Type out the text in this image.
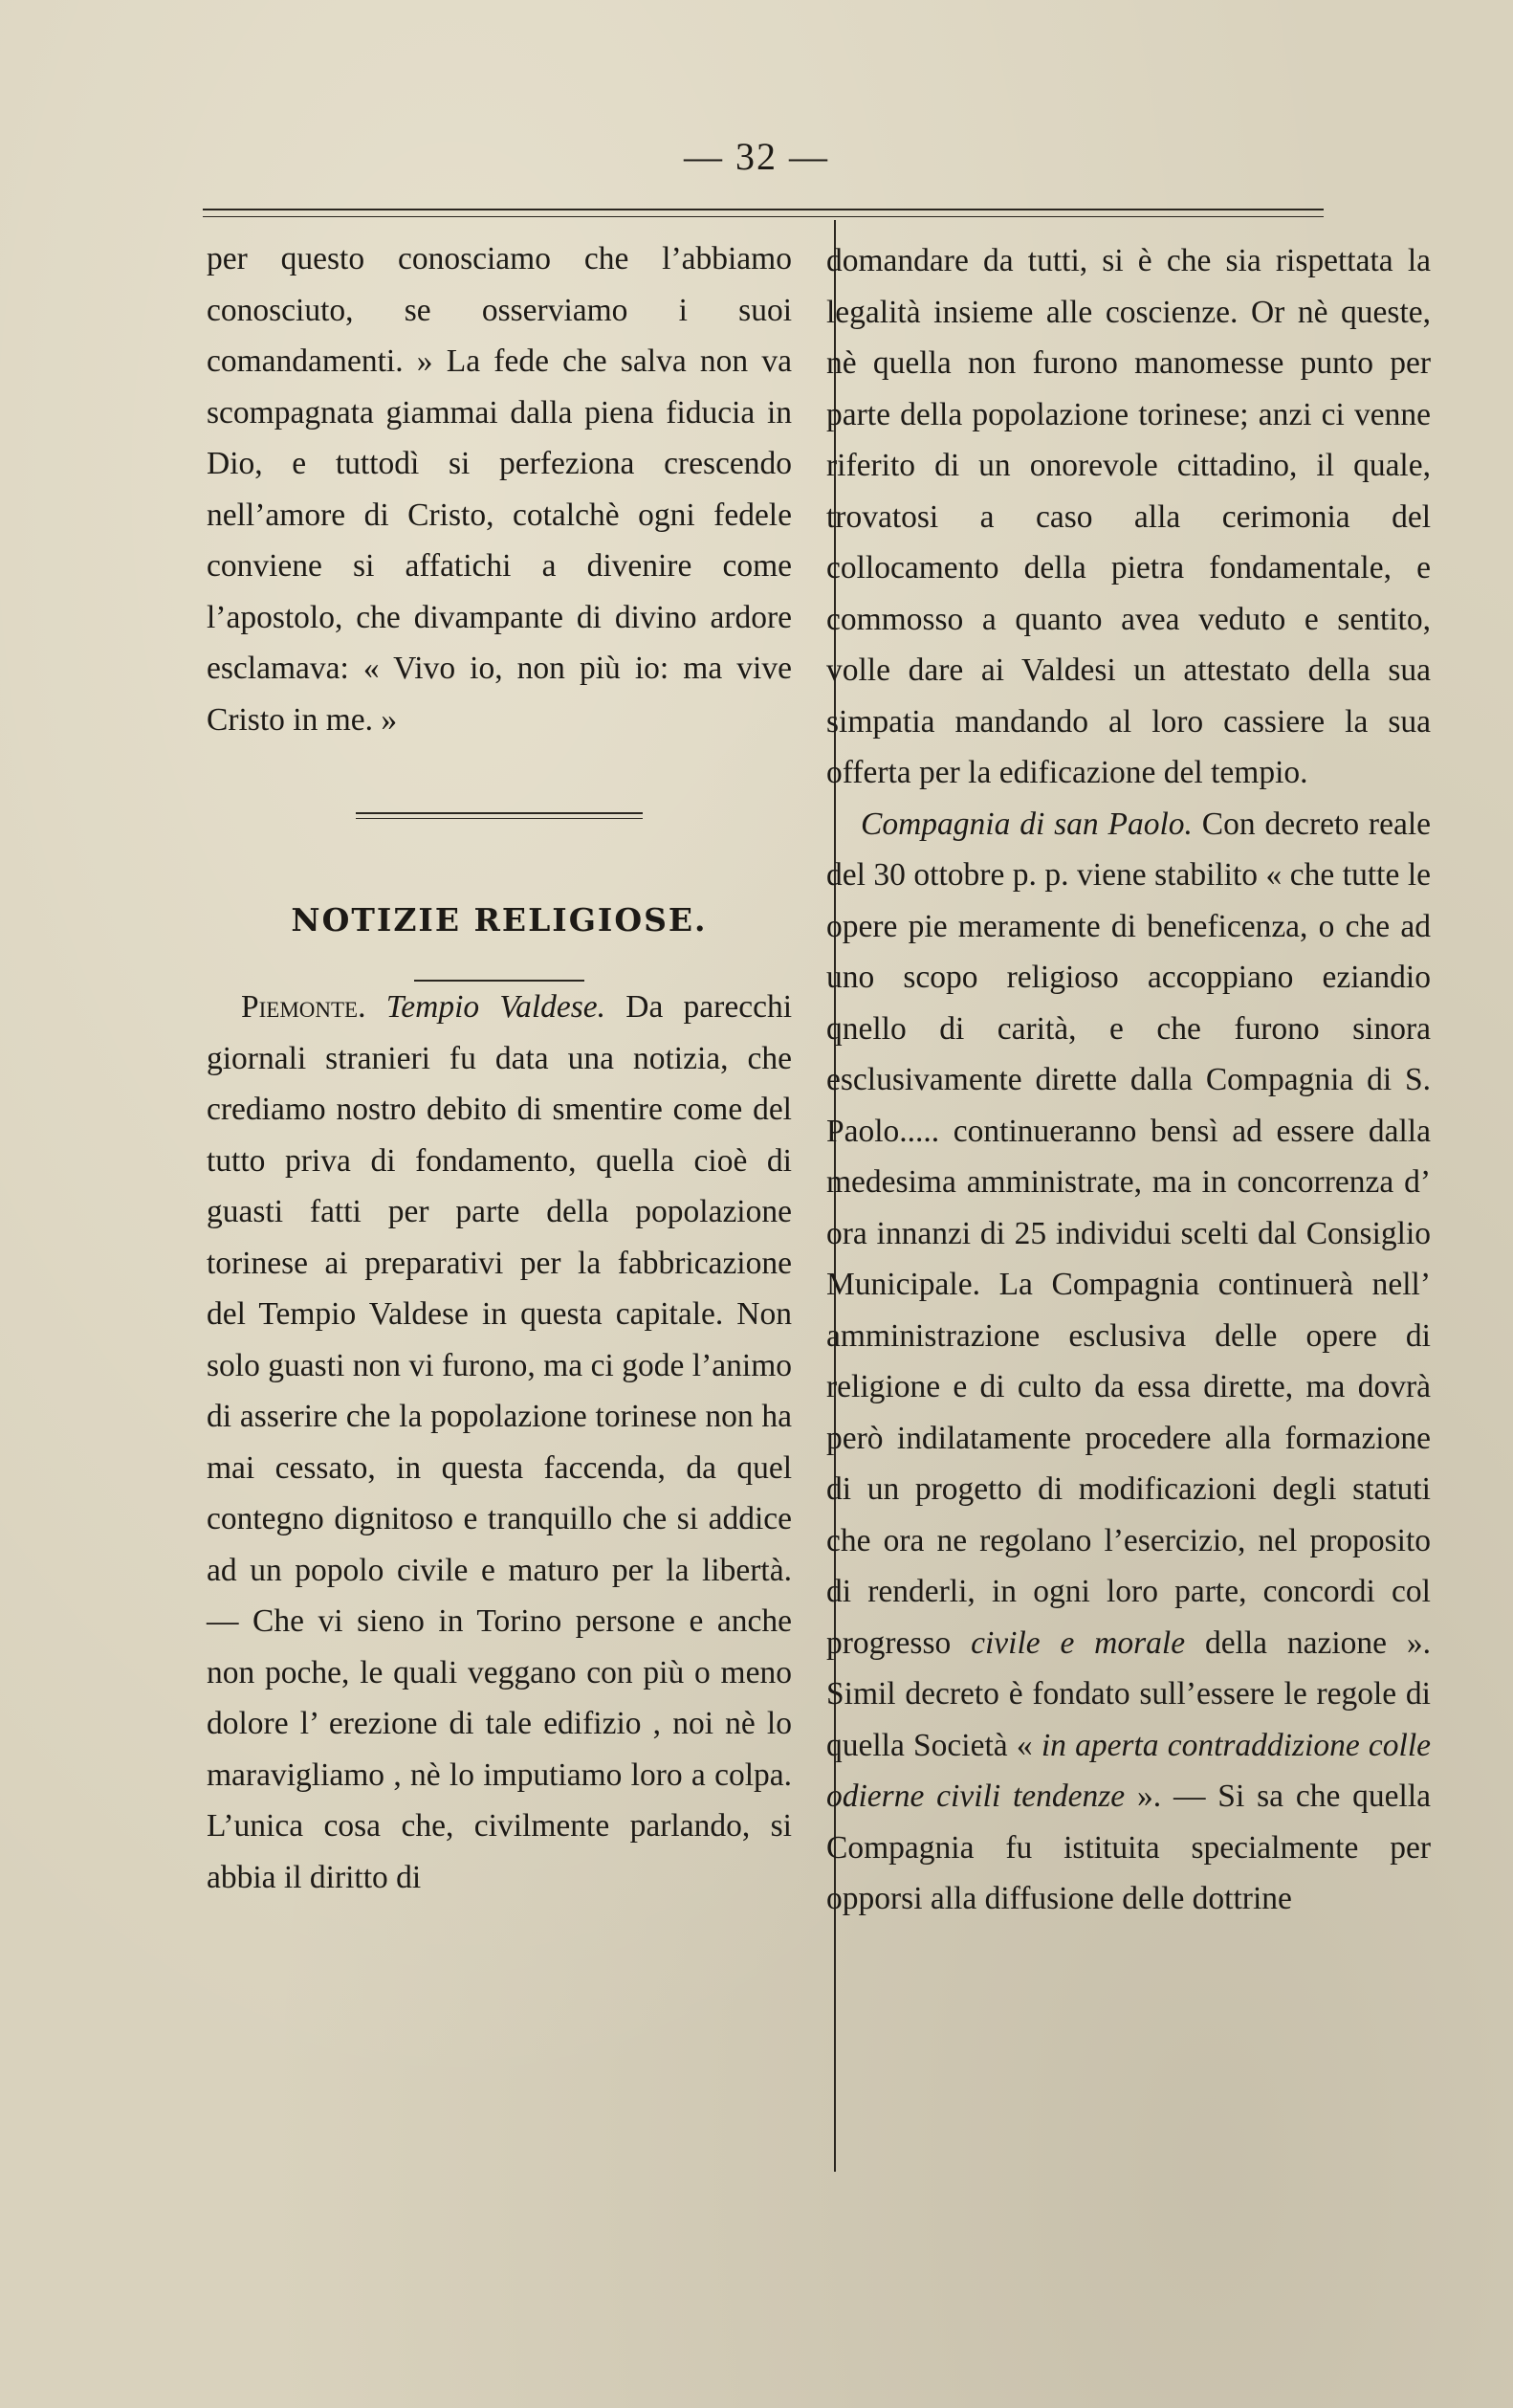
— 32 —

per questo conosciamo che l’abbiamo conosciuto, se osserviamo i suoi comandamenti. » La fede che salva non va scompagnata giammai dalla piena fiducia in Dio, e tuttodì si perfeziona crescendo nell’amore di Cristo, cotalchè ogni fedele conviene si affatichi a divenire come l’apostolo, che divampante di divino ardore esclamava: « Vivo io, non più io: ma vive Cristo in me. »

NOTIZIE RELIGIOSE.

Piemonte. Tempio Valdese. Da parecchi giornali stranieri fu data una notizia, che crediamo nostro debito di smentire come del tutto priva di fondamento, quella cioè di guasti fatti per parte della popolazione torinese ai preparativi per la fabbricazione del Tempio Valdese in questa capitale. Non solo guasti non vi furono, ma ci gode l’animo di asserire che la popolazione torinese non ha mai cessato, in questa faccenda, da quel contegno dignitoso e tranquillo che si addice ad un popolo civile e maturo per la libertà. — Che vi sieno in Torino persone e anche non poche, le quali veggano con più o meno dolore l’ erezione di tale edifizio , noi nè lo maravigliamo , nè lo imputiamo loro a colpa. L’unica cosa che, civilmente parlando, si abbia il diritto di

domandare da tutti, si è che sia rispettata la legalità insieme alle coscienze. Or nè queste, nè quella non furono manomesse punto per parte della popolazione torinese; anzi ci venne riferito di un onorevole cittadino, il quale, trovatosi a caso alla cerimonia del collocamento della pietra fondamentale, e commosso a quanto avea veduto e sentito, volle dare ai Valdesi un attestato della sua simpatia mandando al loro cassiere la sua offerta per la edificazione del tempio.

Compagnia di san Paolo. Con decreto reale del 30 ottobre p. p. viene stabilito « che tutte le opere pie meramente di beneficenza, o che ad uno scopo religioso accoppiano eziandio qnello di carità, e che furono sinora esclusivamente dirette dalla Compagnia di S. Paolo..... continueranno bensì ad essere dalla medesima amministrate, ma in concorrenza d’ ora innanzi di 25 individui scelti dal Consiglio Municipale. La Compagnia continuerà nell’ amministrazione esclusiva delle opere di religione e di culto da essa dirette, ma dovrà però indilatamente procedere alla formazione di un progetto di modificazioni degli statuti che ora ne regolano l’esercizio, nel proposito di renderli, in ogni loro parte, concordi col progresso civile e morale della nazione ». Simil decreto è fondato sull’essere le regole di quella Società « in aperta contraddizione colle odierne civili tendenze ». — Si sa che quella Compagnia fu istituita specialmente per opporsi alla diffusione delle dottrine
